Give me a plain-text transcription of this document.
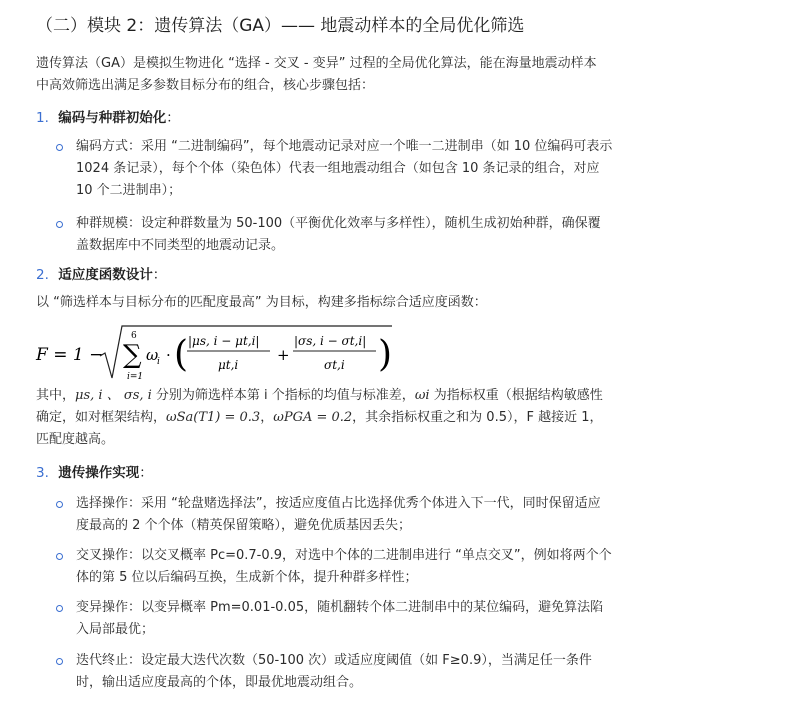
（二）模块 2：遗传算法（GA）—— 地震动样本的全局优化筛选
遗传算法（GA）是模拟生物进化 “选择 - 交叉 - 变异” 过程的全局优化算法，能在海量地震动样本
中高效筛选出满足多参数目标分布的组合，核心步骤包括：
1. 编码与种群初始化：
编码方式：采用 “二进制编码”，每个地震动记录对应一个唯一二进制串（如 10 位编码可表示
1024 条记录），每个个体（染色体）代表一组地震动组合（如包含 10 条记录的组合，对应
10 个二进制串）；
种群规模：设定种群数量为 50-100（平衡优化效率与多样性），随机生成初始种群，确保覆
盖数据库中不同类型的地震动记录。
2. 适应度函数设计：
以 “筛选样本与目标分布的匹配度最高” 为目标，构建多指标综合适应度函数：
F = 1 − ∑
6
i=1
ω
i · ( |μs, i − μt,i|
μt,i
+
|σs, i − σt,i|
σt,i )
其中，μs, i 、 σs, i 分别为筛选样本第 i 个指标的均值与标准差，ωi 为指标权重（根据结构敏感性
确定，如对框架结构，ωSa(T1) = 0.3，ωPGA = 0.2，其余指标权重之和为 0.5），F 越接近 1，
匹配度越高。
3. 遗传操作实现：
选择操作：采用 “轮盘赌选择法”，按适应度值占比选择优秀个体进入下一代，同时保留适应
度最高的 2 个个体（精英保留策略），避免优质基因丢失；
交叉操作：以交叉概率 Pc=0.7-0.9，对选中个体的二进制串进行 “单点交叉”，例如将两个个
体的第 5 位以后编码互换，生成新个体，提升种群多样性；
变异操作：以变异概率 Pm=0.01-0.05，随机翻转个体二进制串中的某位编码，避免算法陷
入局部最优；
迭代终止：设定最大迭代次数（50-100 次）或适应度阈值（如 F≥0.9），当满足任一条件
时，输出适应度最高的个体，即最优地震动组合。
